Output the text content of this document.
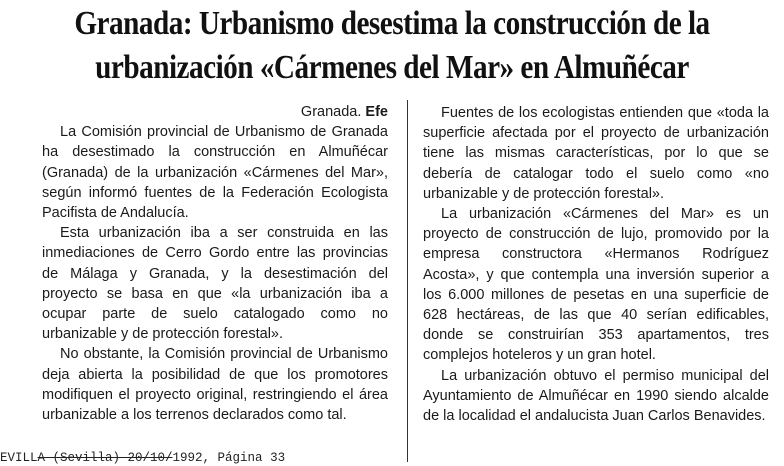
Granada: Urbanismo desestima la construcción de la
urbanización «Cármenes del Mar» en Almuñécar
Granada. Efe

La Comisión provincial de Urbanismo de Granada ha desestimado la construcción en Almuñécar (Granada) de la urbanización «Cármenes del Mar», según informó fuentes de la Federación Ecologista Pacifista de Andalucía.

Esta urbanización iba a ser construida en las inmediaciones de Cerro Gordo entre las provincias de Málaga y Granada, y la desestimación del proyecto se basa en que «la urbanización iba a ocupar parte de suelo catalogado como no urbanizable y de protección forestal».

No obstante, la Comisión provincial de Urbanismo deja abierta la posibilidad de que los promotores modifiquen el proyecto original, restringiendo el área urbanizable a los terrenos declarados como tal.

Fuentes de los ecologistas entienden que «toda la superficie afectada por el proyecto de urbanización tiene las mismas características, por lo que se debería de catalogar todo el suelo como «no urbanizable y de protección forestal».

La urbanización «Cármenes del Mar» es un proyecto de construcción de lujo, promovido por la empresa constructora «Hermanos Rodríguez Acosta», y que contempla una inversión superior a los 6.000 millones de pesetas en una superficie de 628 hectáreas, de las que 40 serían edificables, donde se construirían 353 apartamentos, tres complejos hoteleros y un gran hotel.

La urbanización obtuvo el permiso municipal del Ayuntamiento de Almuñécar en 1990 siendo alcalde de la localidad el andalucista Juan Carlos Benavides.

EVILLA (Sevilla) 20/10/1992, Página 33
